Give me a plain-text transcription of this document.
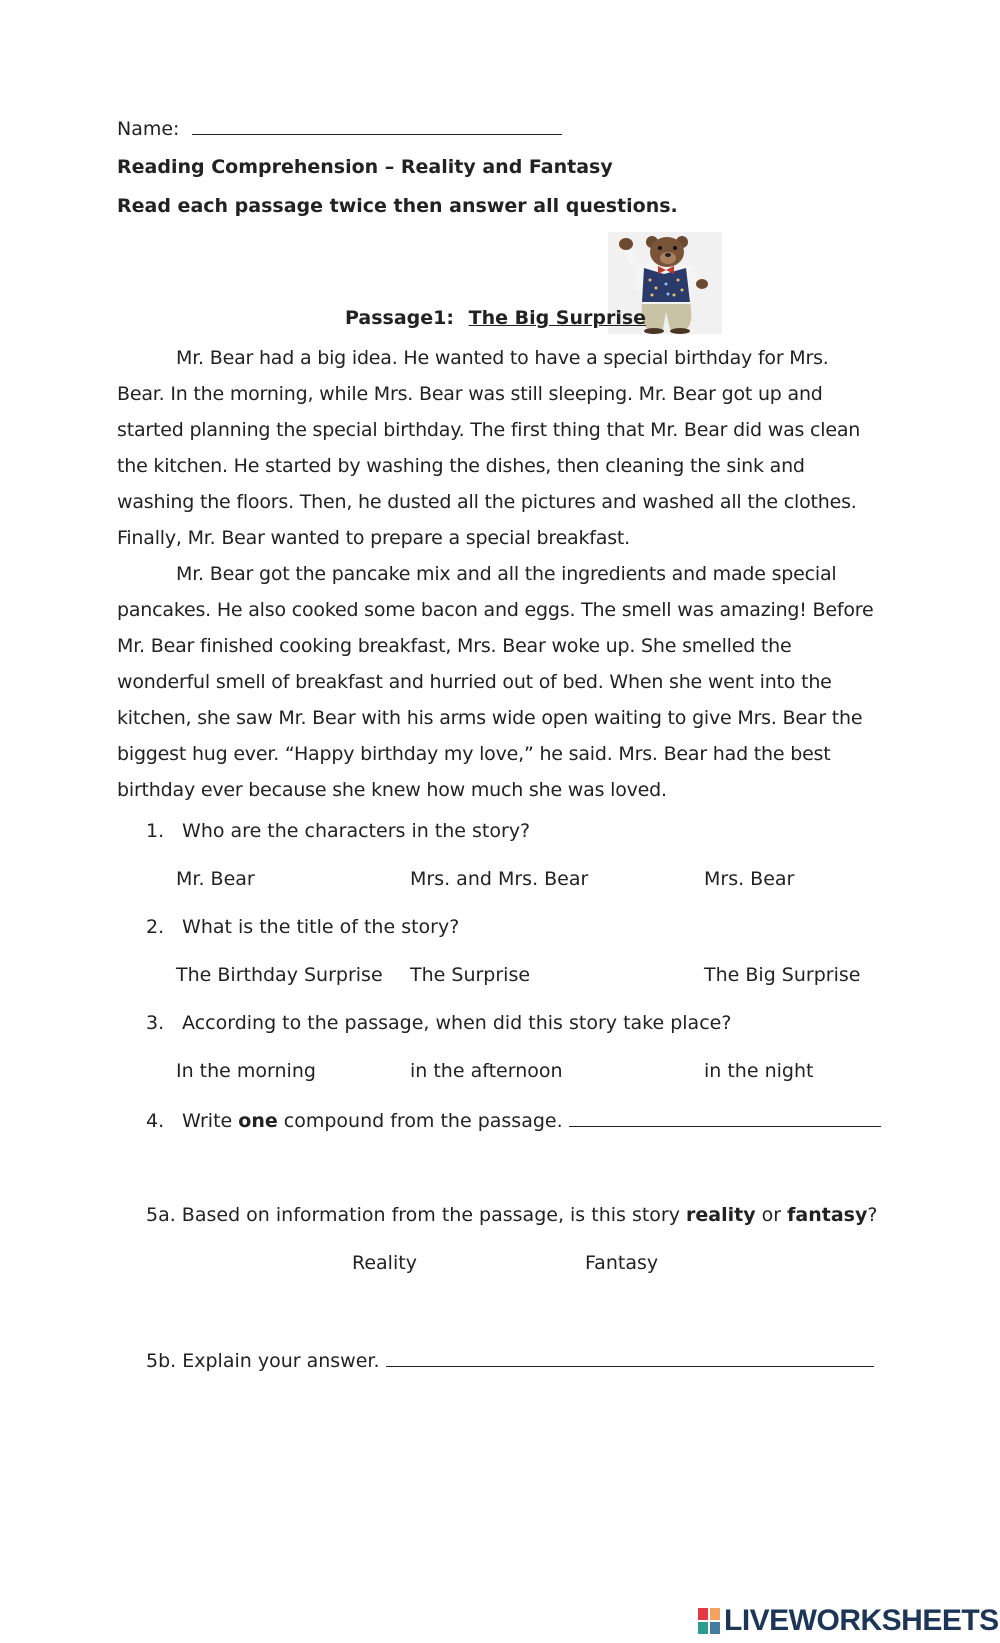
Name:
Reading Comprehension – Reality and Fantasy
Read each passage twice then answer all questions.
Passage1: The Big Surprise

Mr. Bear had a big idea. He wanted to have a special birthday for Mrs. Bear. In the morning, while Mrs. Bear was still sleeping. Mr. Bear got up and started planning the special birthday. The first thing that Mr. Bear did was clean the kitchen. He started by washing the dishes, then cleaning the sink and washing the floors. Then, he dusted all the pictures and washed all the clothes. Finally, Mr. Bear wanted to prepare a special breakfast.

Mr. Bear got the pancake mix and all the ingredients and made special pancakes. He also cooked some bacon and eggs. The smell was amazing! Before Mr. Bear finished cooking breakfast, Mrs. Bear woke up. She smelled the wonderful smell of breakfast and hurried out of bed. When she went into the kitchen, she saw Mr. Bear with his arms wide open waiting to give Mrs. Bear the biggest hug ever. “Happy birthday my love,” he said. Mrs. Bear had the best birthday ever because she knew how much she was loved.

1. Who are the characters in the story?
Mr. Bear	Mrs. and Mrs. Bear	Mrs. Bear
2. What is the title of the story?
The Birthday Surprise The Surprise	The Big Surprise
3. According to the passage, when did this story take place?
In the morning	in the afternoon	in the night
4. Write one compound from the passage.
5a. Based on information from the passage, is this story reality or fantasy?
Reality	Fantasy
5b. Explain your answer.
LIVEWORKSHEETS
